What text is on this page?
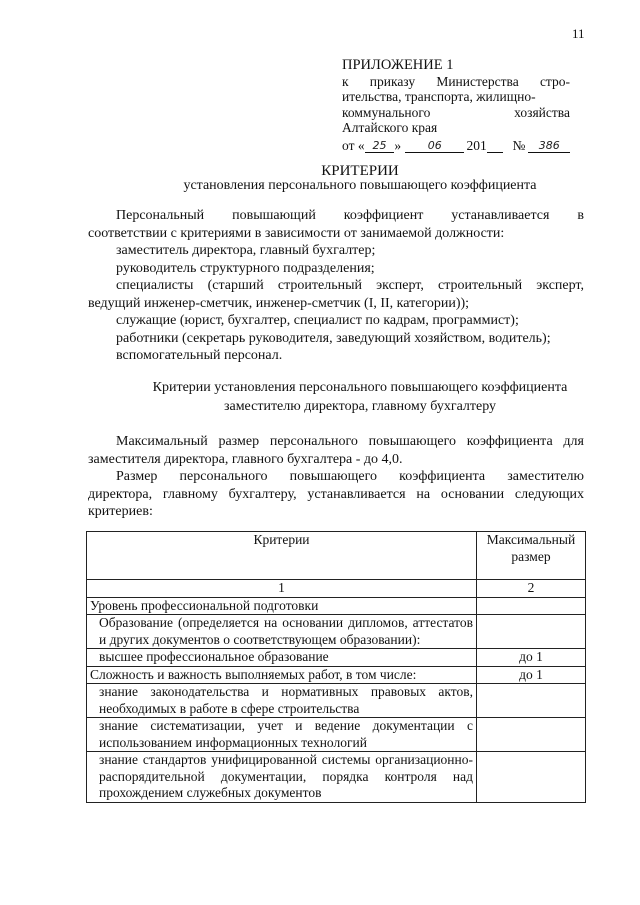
11
ПРИЛОЖЕНИЕ 1
к приказу Министерства стро-
ительства, транспорта, жилищно-
коммунального	хозяйства
Алтайского края
от « 25 »	06	201 №	386
КРИТЕРИИ
установления персонального повышающего коэффициента
Персональный повышающий коэффициент устанавливается в
соответствии с критериями в зависимости от занимаемой должности:
заместитель директора, главный бухгалтер;
руководитель структурного подразделения;
специалисты (старший строительный эксперт, строительный эксперт,
ведущий инженер-сметчик, инженер-сметчик (I, II, категории));
служащие (юрист, бухгалтер, специалист по кадрам, программист);
работники (секретарь руководителя, заведующий хозяйством, водитель);
вспомогательный персонал.
Критерии установления персонального повышающего коэффициента
заместителю директора, главному бухгалтеру
Максимальный размер персонального повышающего коэффициента для
заместителя директора, главного бухгалтера - до 4,0.
Размер персонального повышающего коэффициента заместителю
директора, главному бухгалтеру, устанавливается на основании следующих
критериев:
Критерии	Максимальный размер
1	2
Уровень профессиональной подготовки	
Образование (определяется на основании дипломов, аттестатов и других документов о соответствующем образовании):	
высшее профессиональное образование	до 1
Сложность и важность выполняемых работ, в том числе:	до 1
знание законодательства и нормативных правовых актов, необходимых в работе в сфере строительства	
знание систематизации, учет и ведение документации с использованием информационных технологий	
знание стандартов унифицированной системы организационно- распорядительной документации, порядка контроля над прохождением служебных документов	
